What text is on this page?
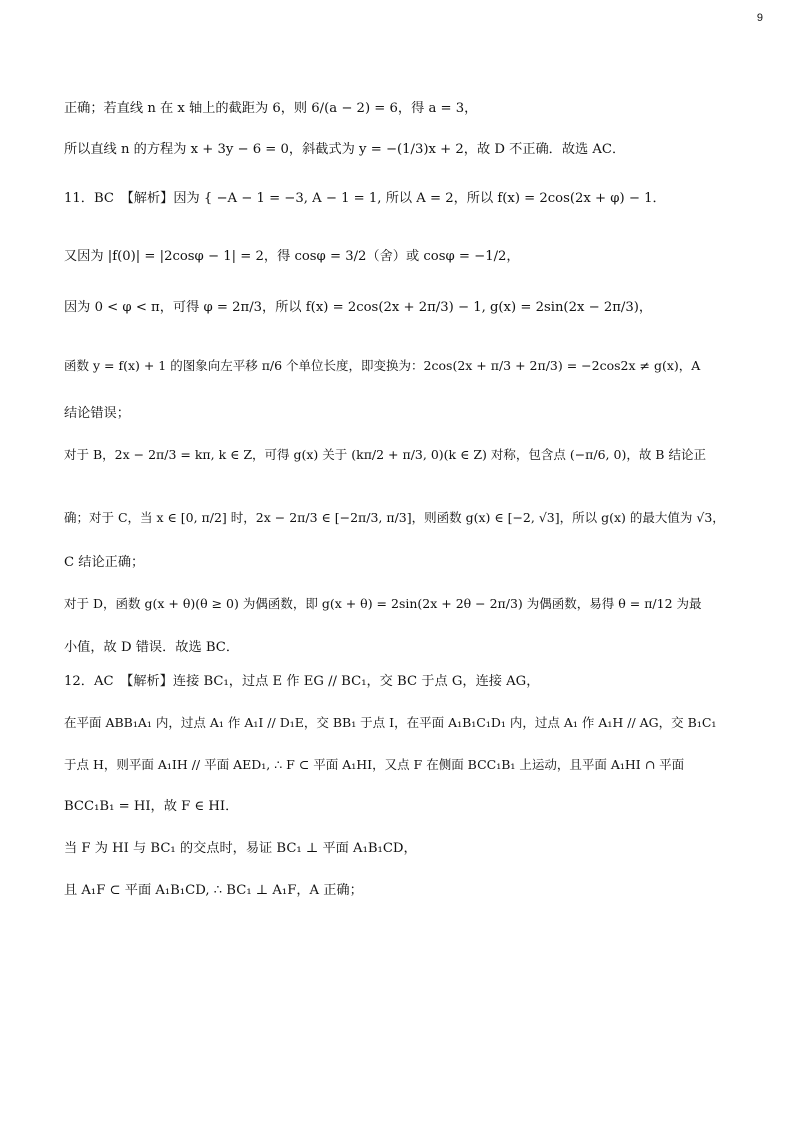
9
正确；若直线 n 在 x 轴上的截距为 6，则 6/(a − 2) = 6，得 a = 3，
所以直线 n 的方程为 x + 3y − 6 = 0，斜截式为 y = −(1/3)x + 2，故 D 不正确．故选 AC．
11．BC　【解析】因为 { −A − 1 = −3, A − 1 = 1, 所以 A = 2，所以 f(x) = 2cos(2x + φ) − 1．
又因为 |f(0)| = |2cosφ − 1| = 2，得 cosφ = 3/2（舍）或 cosφ = −1/2，
因为 0 < φ < π，可得 φ = 2π/3，所以 f(x) = 2cos(2x + 2π/3) − 1, g(x) = 2sin(2x − 2π/3)，
函数 y = f(x) + 1 的图象向左平移 π/6 个单位长度，即变换为：2cos(2x + π/3 + 2π/3) = −2cos2x ≠ g(x)，A
结论错误；
对于 B，2x − 2π/3 = kπ, k ∈ Z，可得 g(x) 关于 (kπ/2 + π/3, 0)(k ∈ Z) 对称，包含点 (−π/6, 0)，故 B 结论正
确；对于 C，当 x ∈ [0, π/2] 时，2x − 2π/3 ∈ [−2π/3, π/3]，则函数 g(x) ∈ [−2, √3]，所以 g(x) 的最大值为 √3，
C 结论正确；
对于 D，函数 g(x + θ)(θ ≥ 0) 为偶函数，即 g(x + θ) = 2sin(2x + 2θ − 2π/3) 为偶函数，易得 θ = π/12 为最
小值，故 D 错误．故选 BC．
12．AC　【解析】连接 BC₁，过点 E 作 EG // BC₁，交 BC 于点 G，连接 AG，
在平面 ABB₁A₁ 内，过点 A₁ 作 A₁I // D₁E，交 BB₁ 于点 I，在平面 A₁B₁C₁D₁ 内，过点 A₁ 作 A₁H // AG，交 B₁C₁
于点 H，则平面 A₁IH // 平面 AED₁, ∴ F ⊂ 平面 A₁HI，又点 F 在侧面 BCC₁B₁ 上运动，且平面 A₁HI ∩ 平面
BCC₁B₁ = HI，故 F ∈ HI．
当 F 为 HI 与 BC₁ 的交点时，易证 BC₁ ⊥ 平面 A₁B₁CD，
且 A₁F ⊂ 平面 A₁B₁CD, ∴ BC₁ ⊥ A₁F，A 正确；
